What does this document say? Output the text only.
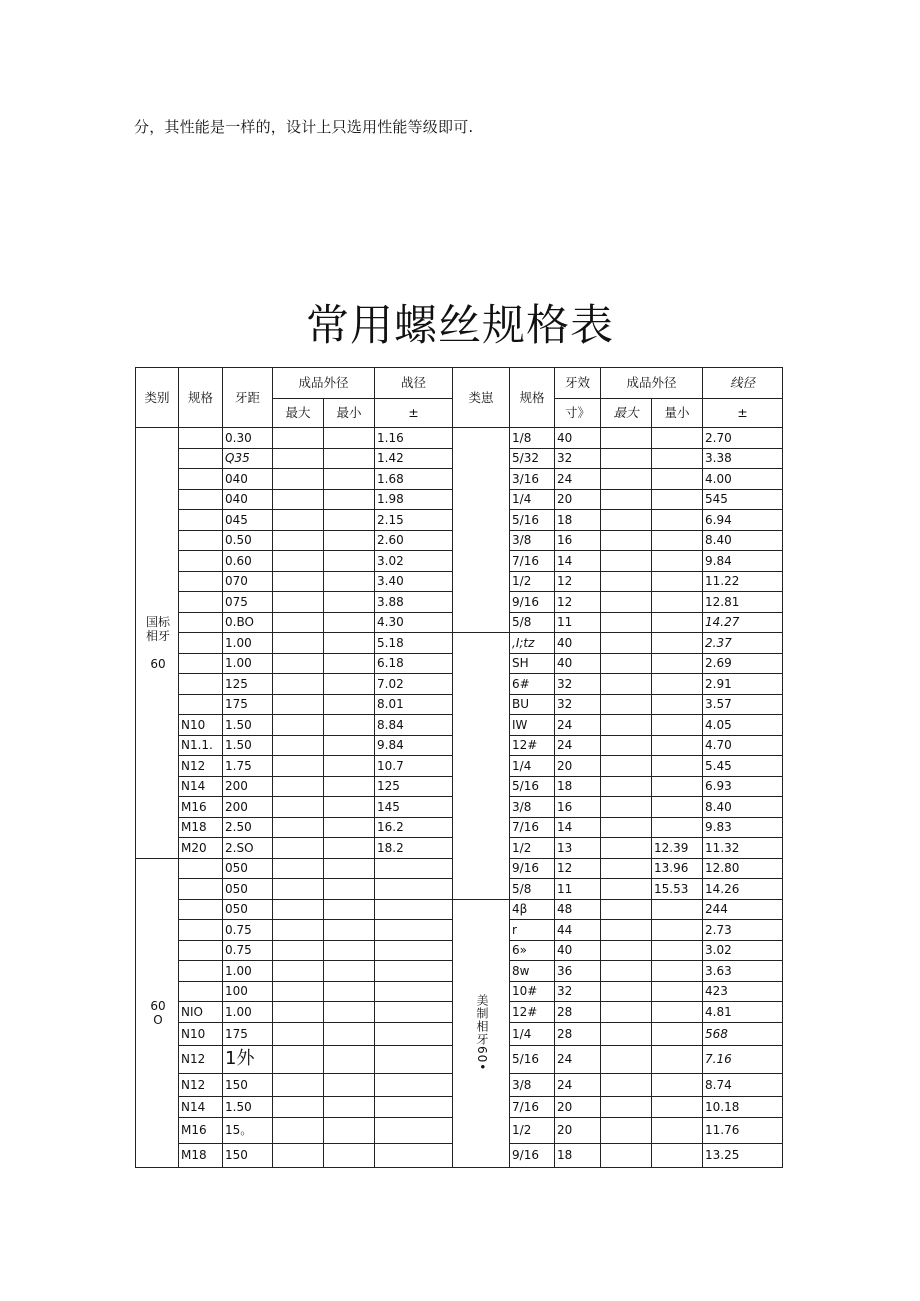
分，其性能是一样的，设计上只选用性能等级即可.
常用螺丝规格表
类别	规格	牙距	成品外径		战径	类崽	规格	牙效	成品外径		线径
			最大	最小	±			寸》	最大	量小	±
国标
相牙

60		0.30			1.16		1/8	40			2.70
		Q35			1.42		5/32	32			3.38
		040			1.68		3/16	24			4.00
		040			1.98		1/4	20			545
		045			2.15		5/16	18			6.94
		0.50			2.60		3/8	16			8.40
		0.60			3.02		7/16	14			9.84
		070			3.40		1/2	12			11.22
		075			3.88		9/16	12			12.81
		0.BO			4.30		5/8	11			14.27
		1.00			5.18		,I;tz	40			2.37
		1.00			6.18		SH	40			2.69
		125			7.02		6#	32			2.91
		175			8.01		BU	32			3.57
	N10	1.50			8.84		IW	24			4.05
	N1.1.	1.50			9.84		12#	24			4.70
	N12	1.75			10.7		1/4	20			5.45
	N14	200			125		5/16	18			6.93
	M16	200			145		3/8	16			8.40
	M18	2.50			16.2		7/16	14			9.83
	M20	2.SO			18.2		1/2	13		12.39	11.32
60
O		050					9/16	12		13.96	12.80
		050					5/8	11		15.53	14.26
		050				美制相牙60•	4β	48			244
		0.75					r	44			2.73
		0.75					6»	40			3.02
		1.00					8w	36			3.63
		100					10#	32			423
	NIO	1.00					12#	28			4.81
	N10	175					1/4	28			568
	N12	1外					5/16	24			7.16
	N12	150					3/8	24			8.74
	N14	1.50					7/16	20			10.18
	M16	15。					1/2	20			11.76
	M18	150					9/16	18			13.25
